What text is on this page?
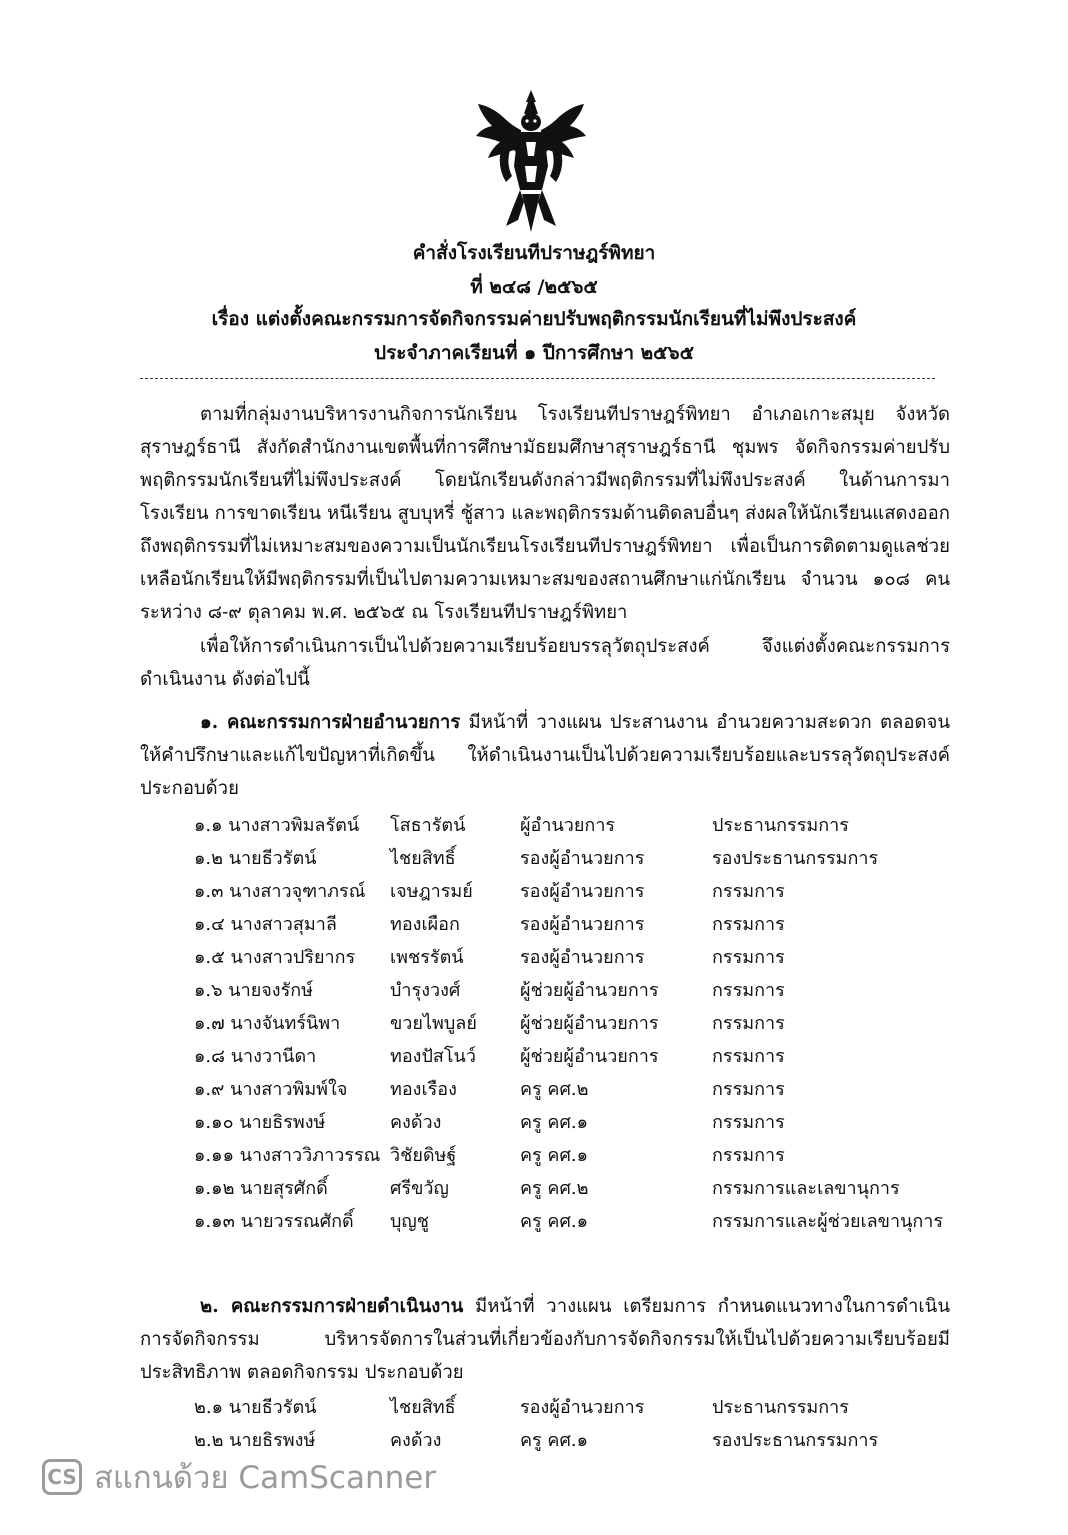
คำสั่งโรงเรียนทีปราษฎร์พิทยา
ที่ ๒๔๘ /๒๕๖๕
เรื่อง แต่งตั้งคณะกรรมการจัดกิจกรรมค่ายปรับพฤติกรรมนักเรียนที่ไม่พึงประสงค์
ประจำภาคเรียนที่ ๑ ปีการศึกษา ๒๕๖๕
ตามที่กลุ่มงานบริหารงานกิจการนักเรียน โรงเรียนทีปราษฎร์พิทยา อำเภอเกาะสมุย จังหวัดสุราษฎร์ธานี สังกัดสำนักงานเขตพื้นที่การศึกษามัธยมศึกษาสุราษฎร์ธานี ชุมพร จัดกิจกรรมค่ายปรับพฤติกรรมนักเรียนที่ไม่พึงประสงค์ โดยนักเรียนดังกล่าวมีพฤติกรรมที่ไม่พึงประสงค์ ในด้านการมาโรงเรียน การขาดเรียน หนีเรียน สูบบุหรี่ ชู้สาว และพฤติกรรมด้านติดลบอื่นๆ ส่งผลให้นักเรียนแสดงออกถึงพฤติกรรมที่ไม่เหมาะสมของความเป็นนักเรียนโรงเรียนทีปราษฎร์พิทยา เพื่อเป็นการติดตามดูแลช่วยเหลือนักเรียนให้มีพฤติกรรมที่เป็นไปตามความเหมาะสมของสถานศึกษาแก่นักเรียน จำนวน ๑๐๘ คน ระหว่าง ๘-๙ ตุลาคม พ.ศ. ๒๕๖๕ ณ โรงเรียนทีปราษฎร์พิทยา
เพื่อให้การดำเนินการเป็นไปด้วยความเรียบร้อยบรรลุวัตถุประสงค์ จึงแต่งตั้งคณะกรรมการดำเนินงาน ดังต่อไปนี้
๑. คณะกรรมการฝ่ายอำนวยการ มีหน้าที่ วางแผน ประสานงาน อำนวยความสะดวก ตลอดจนให้คำปรึกษาและแก้ไขปัญหาที่เกิดขึ้น ให้ดำเนินงานเป็นไปด้วยความเรียบร้อยและบรรลุวัตถุประสงค์ ประกอบด้วย
๑.๑ นางสาวพิมลรัตน์ โสธารัตน์	ผู้อำนวยการ	ประธานกรรมการ
๑.๒ นายธีวรัตน์	ไชยสิทธิ์	รองผู้อำนวยการ	รองประธานกรรมการ
๑.๓ นางสาวจุฑาภรณ์ เจษฎารมย์	รองผู้อำนวยการ	กรรมการ
๑.๔ นางสาวสุมาลี	ทองเผือก	รองผู้อำนวยการ	กรรมการ
๑.๕ นางสาวปริยากร เพชรรัตน์	รองผู้อำนวยการ	กรรมการ
๑.๖ นายจงรักษ์	บำรุงวงศ์	ผู้ช่วยผู้อำนวยการ	กรรมการ
๑.๗ นางจันทร์นิพา	ขวยไพบูลย์ ผู้ช่วยผู้อำนวยการ	กรรมการ
๑.๘ นางวานีดา	ทองปัสโนว์ ผู้ช่วยผู้อำนวยการ	กรรมการ
๑.๙ นางสาวพิมพ์ใจ ทองเรือง	ครู คศ.๒	กรรมการ
๑.๑๐ นายธิรพงษ์	คงด้วง	ครู คศ.๑	กรรมการ
๑.๑๑ นางสาววิภาวรรณ วิชัยดิษฐ์	ครู คศ.๑	กรรมการ
๑.๑๒ นายสุรศักดิ์	ศรีขวัญ	ครู คศ.๒	กรรมการและเลขานุการ
๑.๑๓ นายวรรณศักดิ์ บุญชู	ครู คศ.๑	กรรมการและผู้ช่วยเลขานุการ
๒. คณะกรรมการฝ่ายดำเนินงาน มีหน้าที่ วางแผน เตรียมการ กำหนดแนวทางในการดำเนินการจัดกิจกรรม บริหารจัดการในส่วนที่เกี่ยวข้องกับการจัดกิจกรรมให้เป็นไปด้วยความเรียบร้อยมีประสิทธิภาพ ตลอดกิจกรรม ประกอบด้วย
๒.๑ นายธีวรัตน์	ไชยสิทธิ์	รองผู้อำนวยการ	ประธานกรรมการ
๒.๒ นายธิรพงษ์	คงด้วง	ครู คศ.๑	รองประธานกรรมการ
CS สแกนด้วย CamScanner
